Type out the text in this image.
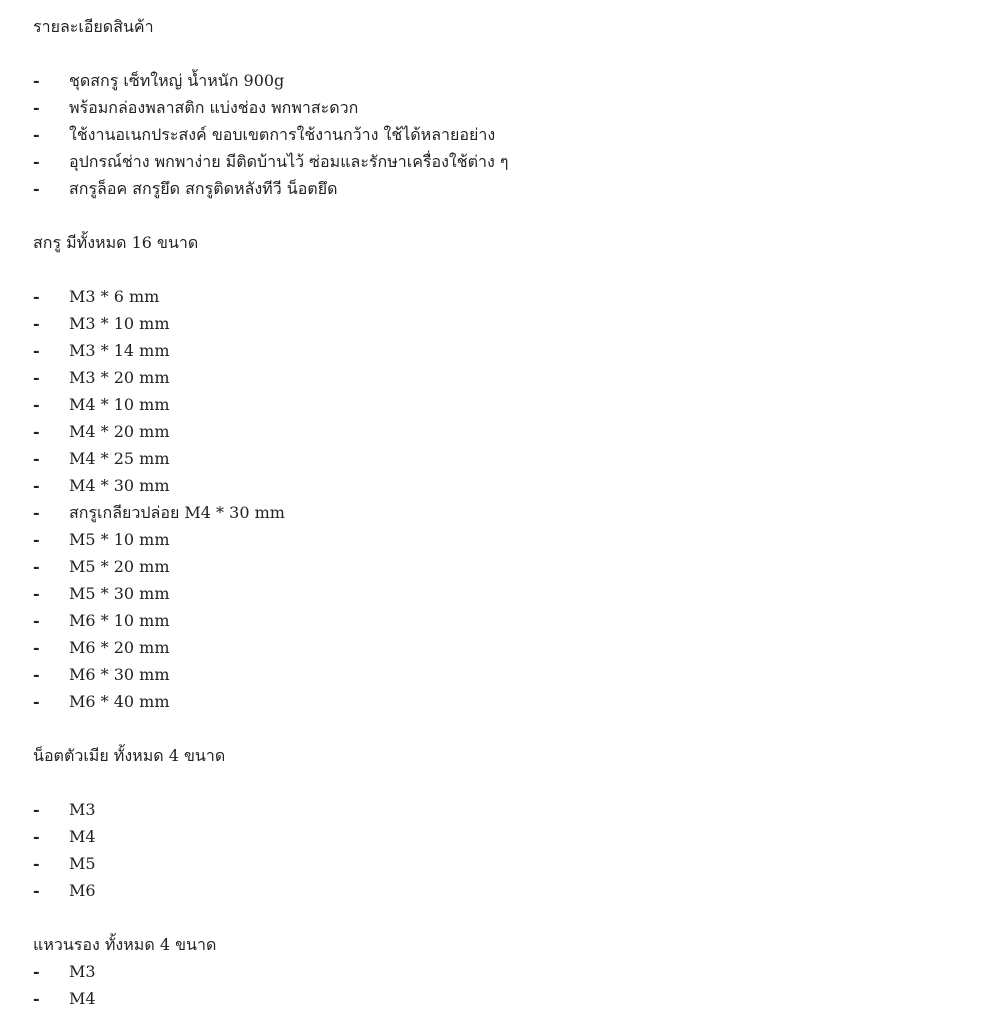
รายละเอียดสินค้า
-	ชุดสกรู เซ็ทใหญ่ น้ำหนัก 900g
-	พร้อมกล่องพลาสติก แบ่งช่อง พกพาสะดวก
-	ใช้งานอเนกประสงค์ ขอบเขตการใช้งานกว้าง ใช้ได้หลายอย่าง
-	อุปกรณ์ช่าง พกพาง่าย มีติดบ้านไว้ ซ่อมและรักษาเครื่องใช้ต่าง ๆ
-	สกรูล็อค สกรูยึด สกรูติดหลังทีวี น็อตยึด
สกรู มีทั้งหมด 16 ขนาด
-	M3 * 6 mm
-	M3 * 10 mm
-	M3 * 14 mm
-	M3 * 20 mm
-	M4 * 10 mm
-	M4 * 20 mm
-	M4 * 25 mm
-	M4 * 30 mm
-	สกรูเกลียวปล่อย M4 * 30 mm
-	M5 * 10 mm
-	M5 * 20 mm
-	M5 * 30 mm
-	M6 * 10 mm
-	M6 * 20 mm
-	M6 * 30 mm
-	M6 * 40 mm
น็อตตัวเมีย ทั้งหมด 4 ขนาด
-	M3
-	M4
-	M5
-	M6
แหวนรอง ทั้งหมด 4 ขนาด
-	M3
-	M4
